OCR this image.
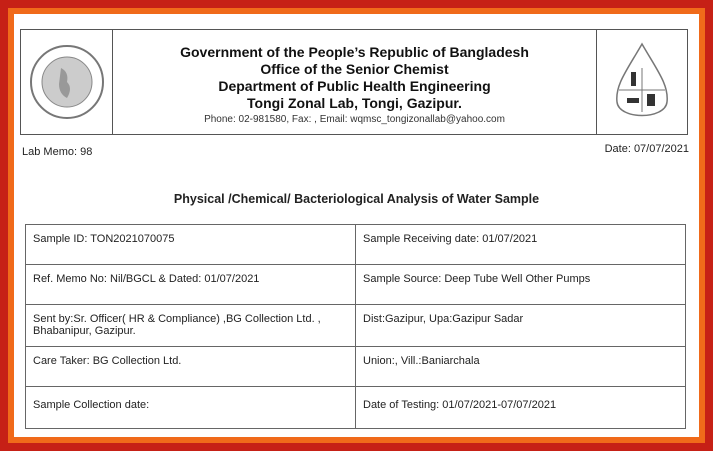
Government of the People’s Republic of Bangladesh
Office of the Senior Chemist
Department of Public Health Engineering
Tongi Zonal Lab, Tongi, Gazipur.
Phone: 02-981580, Fax: , Email: wqmsc_tongizonallab@yahoo.com
Lab Memo: 98	Date: 07/07/2021
Physical /Chemical/ Bacteriological Analysis of Water Sample
Sample ID: TON2021070075	Sample Receiving date: 01/07/2021
Ref. Memo No: Nil/BGCL & Dated: 01/07/2021	Sample Source: Deep Tube Well Other Pumps
Sent by:Sr. Officer( HR & Compliance) ,BG Collection Ltd. , Bhabanipur, Gazipur.	Dist:Gazipur, Upa:Gazipur Sadar
Care Taker: BG Collection Ltd.	Union:, Vill.:Baniarchala
Sample Collection date:	Date of Testing: 01/07/2021-07/07/2021
